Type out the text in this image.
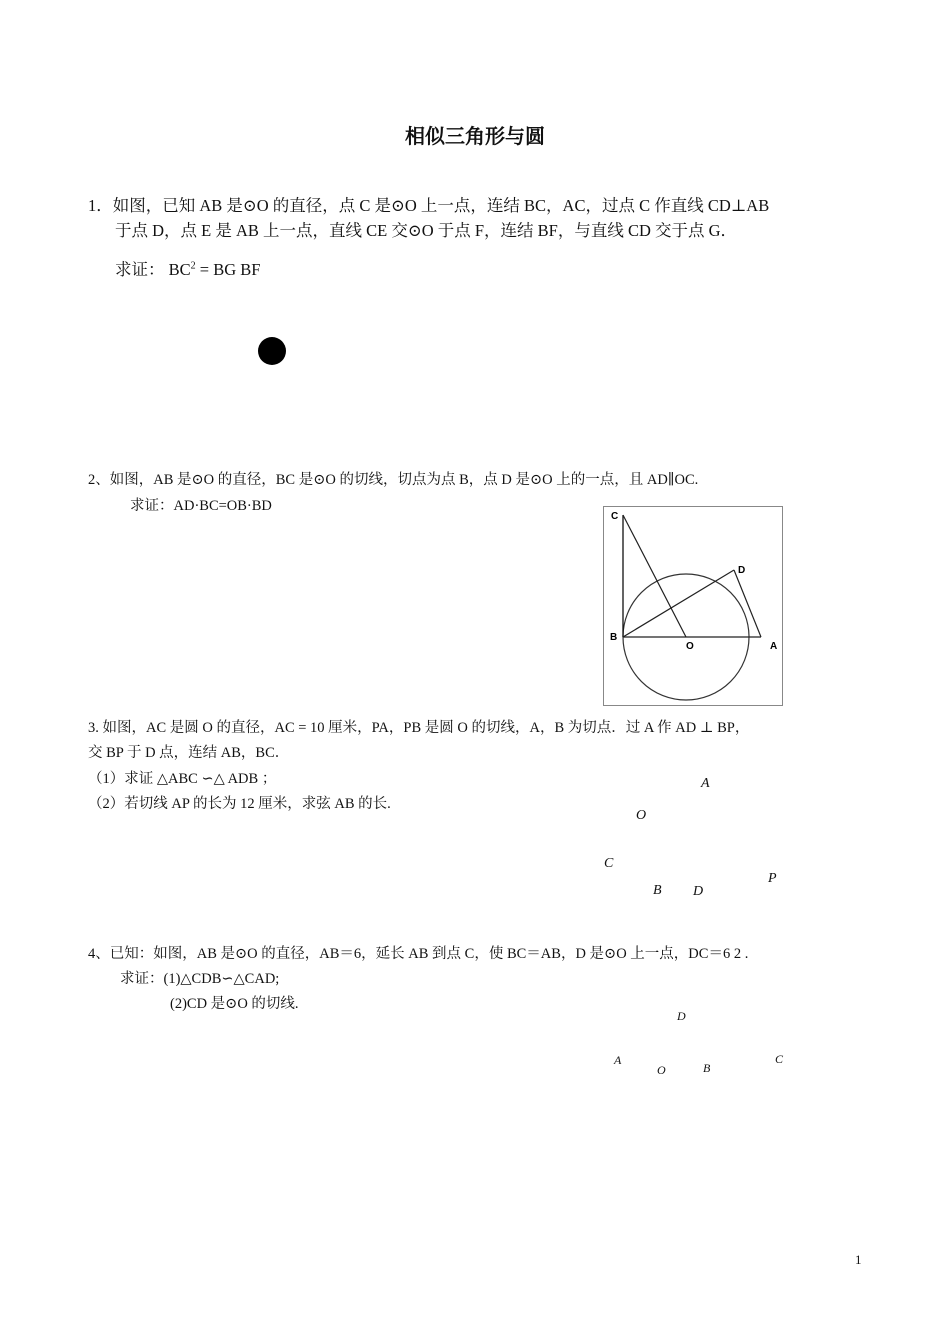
相似三角形与圆
1．如图，已知 AB 是⊙O 的直径，点 C 是⊙O 上一点，连结 BC，AC，过点 C 作直线 CD⊥AB
于点 D，点 E 是 AB 上一点，直线 CE 交⊙O 于点 F，连结 BF，与直线 CD 交于点 G．
求证： $BC^2$ = BG BF
2、如图，AB 是⊙O 的直径，BC 是⊙O 的切线，切点为点 B，点 D 是⊙O 上的一点，且 AD∥OC.
求证：AD·BC=OB·BD
C
D
B
O	A
3. 如图，AC 是圆 O 的直径，AC = 10 厘米，PA，PB 是圆 O 的切线，A，B 为切点．过 A 作 AD ⊥ BP，
交 BP 于 D 点，连结 AB，BC．
（1）求证 △ABC ∽△ ADB ；
（2）若切线 AP 的长为 12 厘米，求弦 AB 的长.
A
O
C
B D
P
4、已知：如图，AB 是⊙O 的直径，AB＝6，延长 AB 到点 C，使 BC＝AB，D 是⊙O 上一点，DC＝6 2 .
求证：(1)△CDB∽△CAD;
(2)CD 是⊙O 的切线.
D
A
O	B
C
1
